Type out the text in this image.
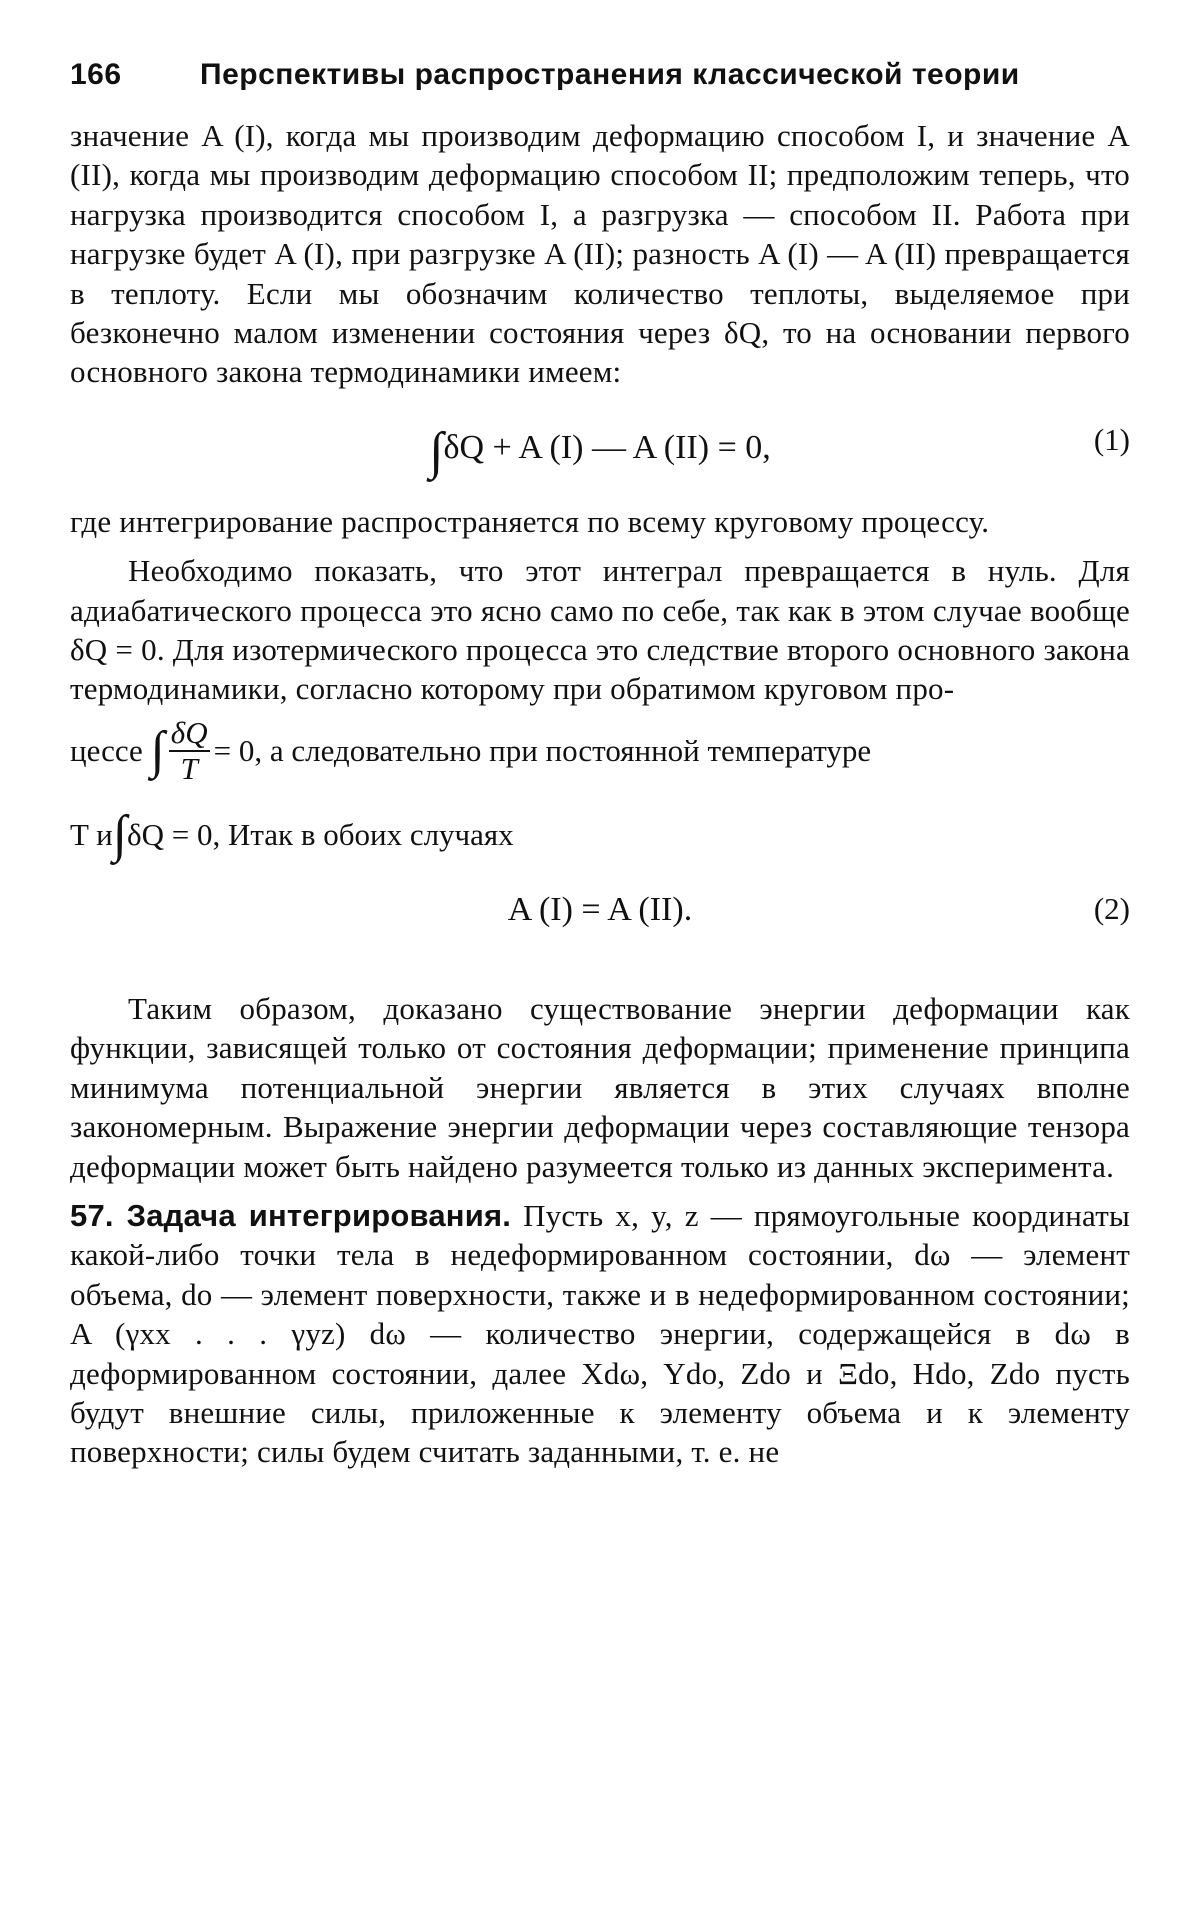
166	Перспективы распространения классической теории

значение A (I), когда мы производим деформацию способом I, и значение A (II), когда мы производим деформацию способом II; предположим теперь, что нагрузка производится способом I, а разгрузка — способом II. Работа при нагрузке будет A (I), при разгрузке A (II); разность A (I) — A (II) превращается в теплоту. Если мы обозначим количество теплоты, выделяемое при безконечно малом изменении состояния через δQ, то на основании первого основного закона термодинамики имеем:

∫δQ + A (I) — A (II) = 0,	(1)

где интегрирование распространяется по всему круговому процессу.

Необходимо показать, что этот интеграл превращается в нуль. Для адиабатического процесса это ясно само по себе, так как в этом случае вообще δQ = 0. Для изотермического процесса это следствие второго основного закона термодинамики, согласно которому при обратимом круговом про-

цессе
∫ $\frac{\delta Q}{T} = 0$, а следовательно при постоянной температуре
T и ∫ δQ = 0, Итак в обоих случаях
A (I) = A (II).	(2)

Таким образом, доказано существование энергии деформации как функции, зависящей только от состояния деформации; применение принципа минимума потенциальной энергии является в этих случаях вполне закономерным. Выражение энергии деформации через составляющие тензора деформации может быть найдено разумеется только из данных эксперимента.

57. Задача интегрирования. Пусть x, y, z — прямоугольные координаты какой-либо точки тела в недеформированном состоянии, dω — элемент объема, do — элемент поверхности, также и в недеформированном состоянии; A (γxx . . . γyz) dω — количество энергии, содержащейся в dω в деформированном состоянии, далее Xdω, Ydo, Zdo и Ξdo, Hdo, Zdo пусть будут внешние силы, приложенные к элементу объема и к элементу поверхности; силы будем считать заданными, т. е. не
